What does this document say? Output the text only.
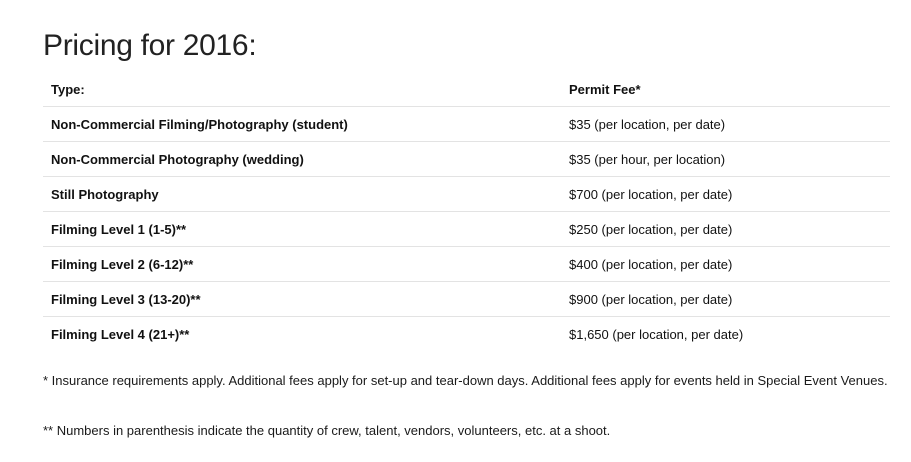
Pricing for 2016:
Type:	Permit Fee*
Non-Commercial Filming/Photography (student)	$35 (per location, per date)
Non-Commercial Photography (wedding)	$35 (per hour, per location)
Still Photography	$700 (per location, per date)
Filming Level 1 (1-5)**	$250 (per location, per date)
Filming Level 2 (6-12)**	$400 (per location, per date)
Filming Level 3 (13-20)**	$900 (per location, per date)
Filming Level 4 (21+)**	$1,650 (per location, per date)

* Insurance requirements apply. Additional fees apply for set-up and tear-down days. Additional fees apply for events held in Special Event Venues.

** Numbers in parenthesis indicate the quantity of crew, talent, vendors, volunteers, etc. at a shoot.
